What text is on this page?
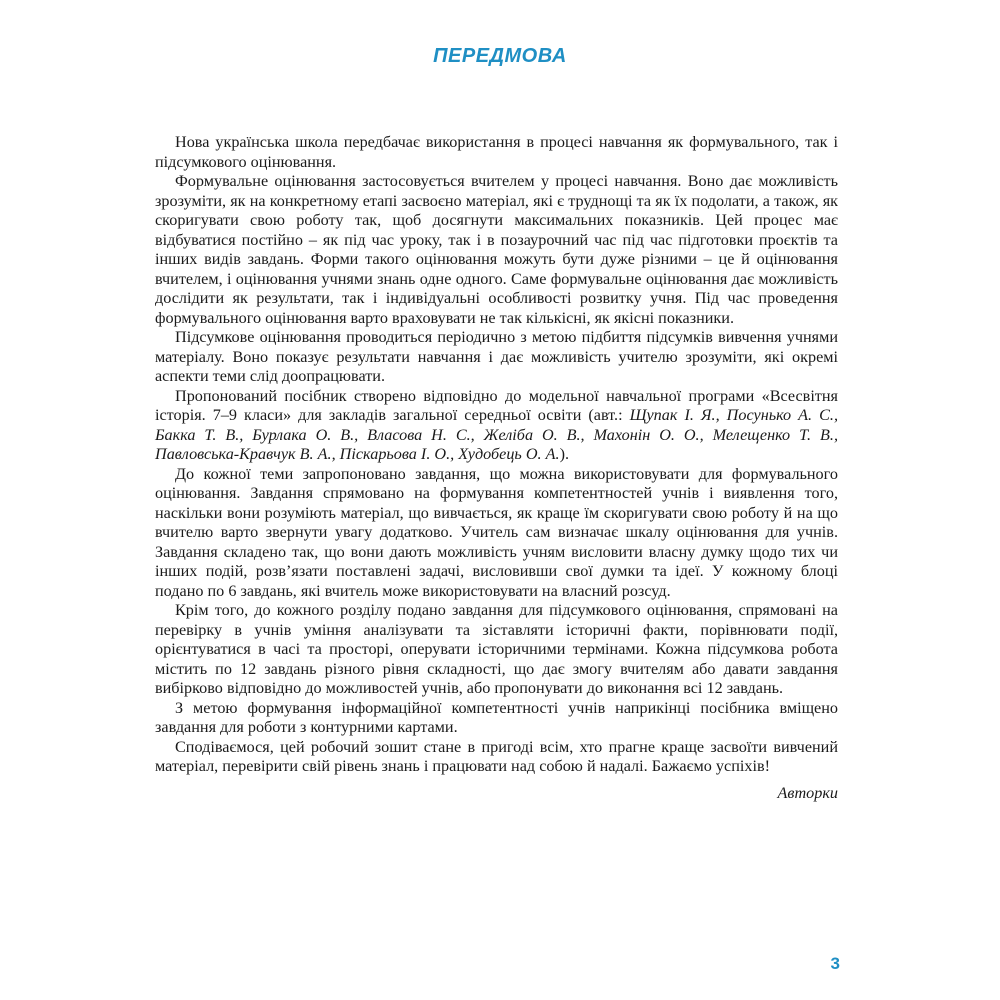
ПЕРЕДМОВА

Нова українська школа передбачає використання в процесі навчання як формувального, так і підсумкового оцінювання.

Формувальне оцінювання застосовується вчителем у процесі навчання. Воно дає можливість зрозуміти, як на конкретному етапі засвоєно матеріал, які є труднощі та як їх подолати, а також, як скоригувати свою роботу так, щоб досягнути максимальних показників. Цей процес має відбуватися постійно – як під час уроку, так і в позаурочний час під час підготовки проєктів та інших видів завдань. Форми такого оцінювання можуть бути дуже різними – це й оцінювання вчителем, і оцінювання учнями знань одне одного. Саме формувальне оцінювання дає можливість дослідити як результати, так і індивідуальні особливості розвитку учня. Під час проведення формувального оцінювання варто враховувати не так кількісні, як якісні показники.

Підсумкове оцінювання проводиться періодично з метою підбиття підсумків вивчення учнями матеріалу. Воно показує результати навчання і дає можливість учителю зрозуміти, які окремі аспекти теми слід доопрацювати.

Пропонований посібник створено відповідно до модельної навчальної програми «Всесвітня історія. 7–9 класи» для закладів загальної середньої освіти (авт.: Щупак І. Я., Посунько А. С., Бакка Т. В., Бурлака О. В., Власова Н. С., Желіба О. В., Махонін О. О., Мелещенко Т. В., Павловська-Кравчук В. А., Піскарьова І. О., Худобець О. А.).

До кожної теми запропоновано завдання, що можна використовувати для формувального оцінювання. Завдання спрямовано на формування компетентностей учнів і виявлення того, наскільки вони розуміють матеріал, що вивчається, як краще їм скоригувати свою роботу й на що вчителю варто звернути увагу додатково. Учитель сам визначає шкалу оцінювання для учнів. Завдання складено так, що вони дають можливість учням висловити власну думку щодо тих чи інших подій, розв’язати поставлені задачі, висловивши свої думки та ідеї. У кожному блоці подано по 6 завдань, які вчитель може використовувати на власний розсуд.

Крім того, до кожного розділу подано завдання для підсумкового оцінювання, спрямовані на перевірку в учнів уміння аналізувати та зіставляти історичні факти, порівнювати події, орієнтуватися в часі та просторі, оперувати історичними термінами. Кожна підсумкова робота містить по 12 завдань різного рівня складності, що дає змогу вчителям або давати завдання вибірково відповідно до можливостей учнів, або пропонувати до виконання всі 12 завдань.

З метою формування інформаційної компетентності учнів наприкінці посібника вміщено завдання для роботи з контурними картами.

Сподіваємося, цей робочий зошит стане в пригоді всім, хто прагне краще засвоїти вивчений матеріал, перевірити свій рівень знань і працювати над собою й надалі. Бажаємо успіхів!

Авторки

3
